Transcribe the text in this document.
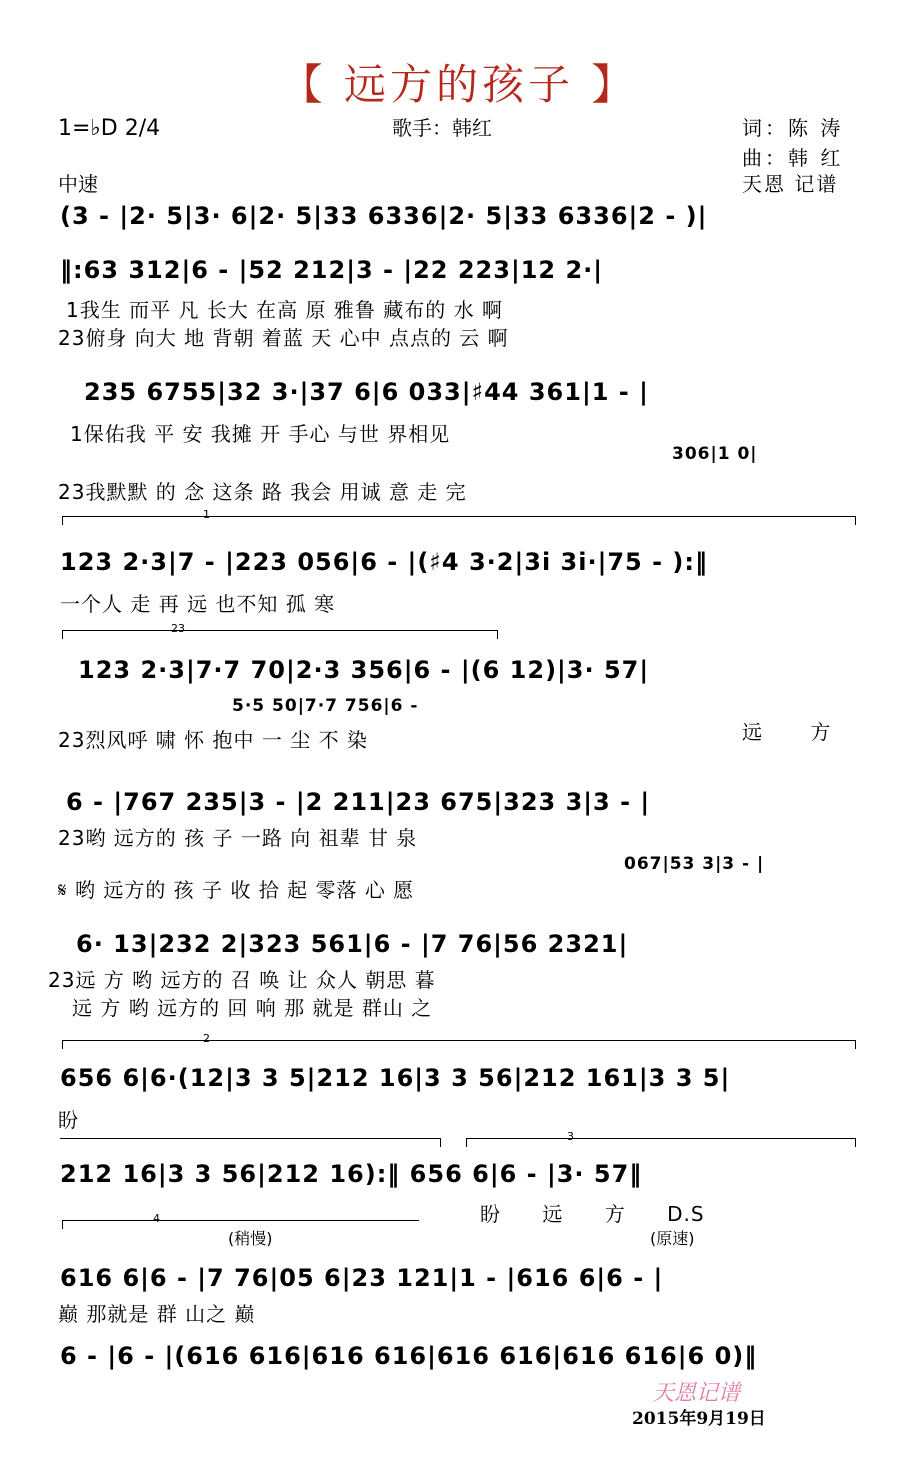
【 远方的孩子 】
1=♭D 2/4	歌手：韩红	词：陈 涛
曲：韩 红
中速	天恩 记谱
(3 - |2· 5|3· 6|2· 5|33 6336|2· 5|33 6336|2 - )|
‖:63 312|6 - |52 212|3 - |22 223|12 2·|
1我生 而平 凡 长大 在高 原 雅鲁 藏布的 水 啊
23俯身 向大 地 背朝 着蓝 天 心中 点点的 云 啊
235 6755|32 3·|37 6|6 033|♯44 361|1 - |
1保佑我 平 安 我摊 开 手心 与世 界相见
306|1 0|
23我默默 的 念 这条 路 我会 用诚 意 走 完
1
123 2·3|7 - |223 056|6 - |(♯4 3·2|3i 3i·|75 - ):‖
一个人 走 再 远 也不知 孤 寒
23
123 2·3|7·7 70|2·3 356|6 - |(6 12)|3· 57|
5·5 50|7·7 756|6 -
23烈风呼 啸 怀 抱中 一 尘 不 染	远 方
6 - |767 235|3 - |2 211|23 675|323 3|3 - |
23哟 远方的 孩 子 一路 向 祖辈 甘 泉
067|53 3|3 - |
𝄋 哟 远方的 孩 子 收 拾 起 零落 心 愿
6· 13|232 2|323 561|6 - |7 76|56 2321|
23远 方 哟 远方的 召 唤 让 众人 朝思 暮
远 方 哟 远方的 回 响 那 就是 群山 之
2
656 6|6·(12|3 3 5|212 16|3 3 56|212 161|3 3 5|
盼
3
212 16|3 3 56|212 16):‖ 656 6|6 - |3· 57‖
盼 远 方 D.S
4
(稍慢)	(原速)
616 6|6 - |7 76|05 6|23 121|1 - |616 6|6 - |
巅 那就是 群 山之 巅
6 - |6 - |(616 616|616 616|616 616|616 616|6 0)‖
天恩记谱
2015年9月19日
